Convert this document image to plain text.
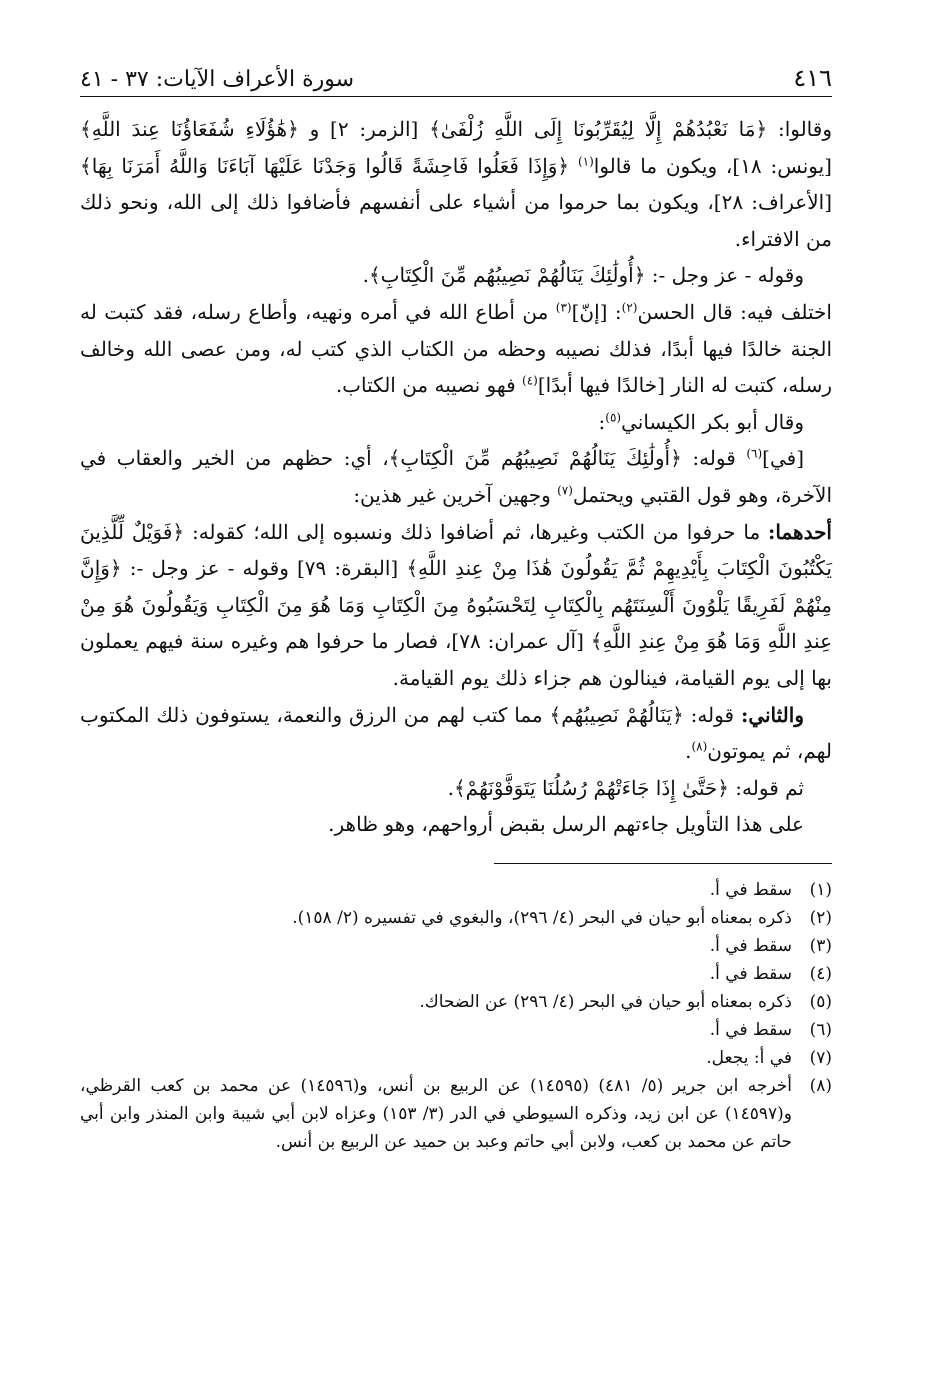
٤١٦
سورة الأعراف الآيات: ٣٧ - ٤١

وقالوا: ﴿مَا نَعْبُدُهُمْ إِلَّا لِيُقَرِّبُونَا إِلَى اللَّهِ زُلْفَىٰ﴾ [الزمر: ٢] و ﴿هَٰؤُلَاءِ شُفَعَاؤُنَا عِندَ اللَّهِ﴾ [يونس: ١٨]، ويكون ما قالوا$^{(١)}$ ﴿وَإِذَا فَعَلُوا فَاحِشَةً قَالُوا وَجَدْنَا عَلَيْهَا آبَاءَنَا وَاللَّهُ أَمَرَنَا بِهَا﴾ [الأعراف: ٢٨]، ويكون بما حرموا من أشياء على أنفسهم فأضافوا ذلك إلى الله، ونحو ذلك من الافتراء.

وقوله - عز وجل -: ﴿أُولَٰئِكَ يَنَالُهُمْ نَصِيبُهُم مِّنَ الْكِتَابِ﴾.

اختلف فيه: قال الحسن$^{(٢)}$: [إنّ]$^{(٣)}$ من أطاع الله في أمره ونهيه، وأطاع رسله، فقد كتبت له الجنة خالدًا فيها أبدًا، فذلك نصيبه وحظه من الكتاب الذي كتب له، ومن عصى الله وخالف رسله، كتبت له النار [خالدًا فيها أبدًا]$^{(٤)}$ فهو نصيبه من الكتاب.

وقال أبو بكر الكيساني$^{(٥)}$:

[في]$^{(٦)}$ قوله: ﴿أُولَٰئِكَ يَنَالُهُمْ نَصِيبُهُم مِّنَ الْكِتَابِ﴾، أي: حظهم من الخير والعقاب في الآخرة، وهو قول القتبي ويحتمل$^{(٧)}$ وجهين آخرين غير هذين:

أحدهما: ما حرفوا من الكتب وغيرها، ثم أضافوا ذلك ونسبوه إلى الله؛ كقوله: ﴿فَوَيْلٌ لِّلَّذِينَ يَكْتُبُونَ الْكِتَابَ بِأَيْدِيهِمْ ثُمَّ يَقُولُونَ هَٰذَا مِنْ عِندِ اللَّهِ﴾ [البقرة: ٧٩] وقوله - عز وجل -: ﴿وَإِنَّ مِنْهُمْ لَفَرِيقًا يَلْوُونَ أَلْسِنَتَهُم بِالْكِتَابِ لِتَحْسَبُوهُ مِنَ الْكِتَابِ وَمَا هُوَ مِنَ الْكِتَابِ وَيَقُولُونَ هُوَ مِنْ عِندِ اللَّهِ وَمَا هُوَ مِنْ عِندِ اللَّهِ﴾ [آل عمران: ٧٨]، فصار ما حرفوا هم وغيره سنة فيهم يعملون بها إلى يوم القيامة، فينالون هم جزاء ذلك يوم القيامة.

والثاني: قوله: ﴿يَنَالُهُمْ نَصِيبُهُم﴾ مما كتب لهم من الرزق والنعمة، يستوفون ذلك المكتوب لهم، ثم يموتون$^{(٨)}$.

ثم قوله: ﴿حَتَّىٰ إِذَا جَاءَتْهُمْ رُسُلُنَا يَتَوَفَّوْنَهُمْ﴾.

على هذا التأويل جاءتهم الرسل بقبض أرواحهم، وهو ظاهر.

(١)
سقط في أ.
(٢)
ذكره بمعناه أبو حيان في البحر (٤/ ٢٩٦)، والبغوي في تفسيره (٢/ ١٥٨).
(٣)
سقط في أ.
(٤)
سقط في أ.
(٥)
ذكره بمعناه أبو حيان في البحر (٤/ ٢٩٦) عن الضحاك.
(٦)
سقط في أ.
(٧)
في أ: يجعل.
(٨)
أخرجه ابن جرير (٥/ ٤٨١) (١٤٥٩٥) عن الربيع بن أنس، و(١٤٥٩٦) عن محمد بن كعب القرظي، و(١٤٥٩٧) عن ابن زيد، وذكره السيوطي في الدر (٣/ ١٥٣) وعزاه لابن أبي شيبة وابن المنذر وابن أبي حاتم عن محمد بن كعب، ولابن أبي حاتم وعبد بن حميد عن الربيع بن أنس.
